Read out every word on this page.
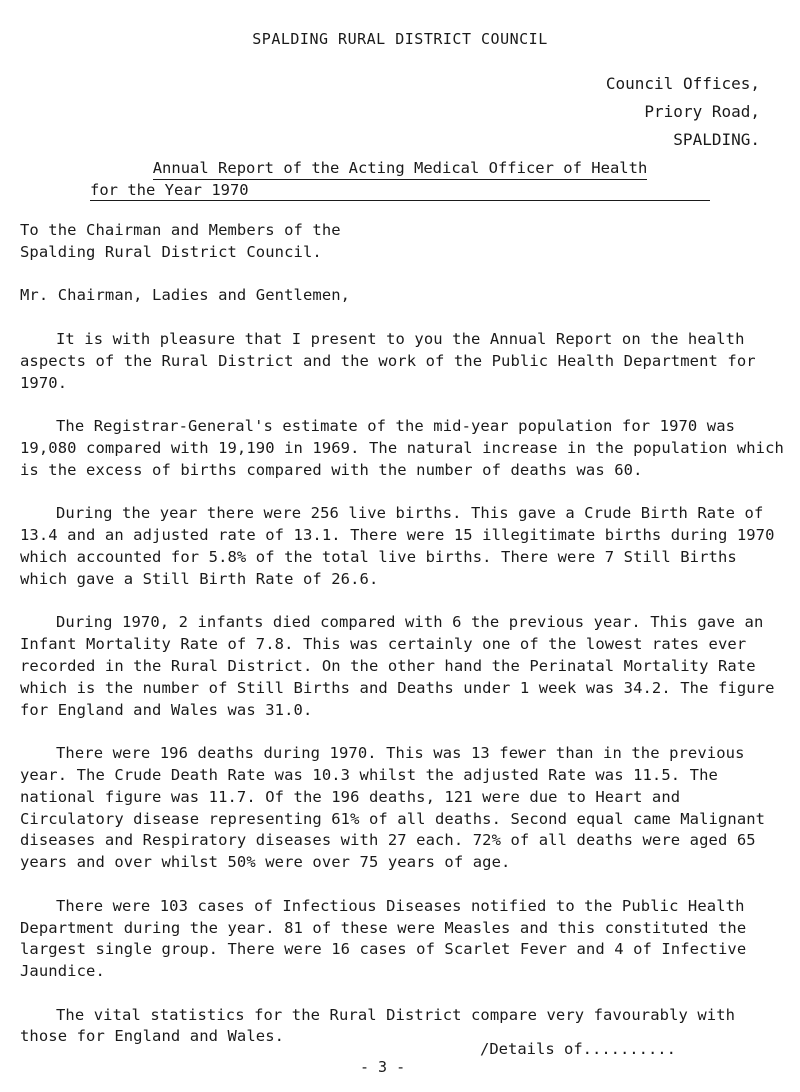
SPALDING RURAL DISTRICT COUNCIL
Council Offices,
Priory Road,
SPALDING.
Annual Report of the Acting Medical Officer of Health
for the Year 1970

To the Chairman and Members of the

Spalding Rural District Council.

Mr. Chairman, Ladies and Gentlemen,

It is with pleasure that I present to you the Annual Report on the health aspects of the Rural District and the work of the Public Health Department for 1970.

The Registrar-General's estimate of the mid-year population for 1970 was 19,080 compared with 19,190 in 1969. The natural increase in the population which is the excess of births compared with the number of deaths was 60.

During the year there were 256 live births. This gave a Crude Birth Rate of 13.4 and an adjusted rate of 13.1. There were 15 illegitimate births during 1970 which accounted for 5.8% of the total live births. There were 7 Still Births which gave a Still Birth Rate of 26.6.

During 1970, 2 infants died compared with 6 the previous year. This gave an Infant Mortality Rate of 7.8. This was certainly one of the lowest rates ever recorded in the Rural District. On the other hand the Perinatal Mortality Rate which is the number of Still Births and Deaths under 1 week was 34.2. The figure for England and Wales was 31.0.

There were 196 deaths during 1970. This was 13 fewer than in the previous year. The Crude Death Rate was 10.3 whilst the adjusted Rate was 11.5. The national figure was 11.7. Of the 196 deaths, 121 were due to Heart and Circulatory disease representing 61% of all deaths. Second equal came Malignant diseases and Respiratory diseases with 27 each. 72% of all deaths were aged 65 years and over whilst 50% were over 75 years of age.

There were 103 cases of Infectious Diseases notified to the Public Health Department during the year. 81 of these were Measles and this constituted the largest single group. There were 16 cases of Scarlet Fever and 4 of Infective Jaundice.

The vital statistics for the Rural District compare very favourably with those for England and Wales.

- 3 -
/Details of..........
